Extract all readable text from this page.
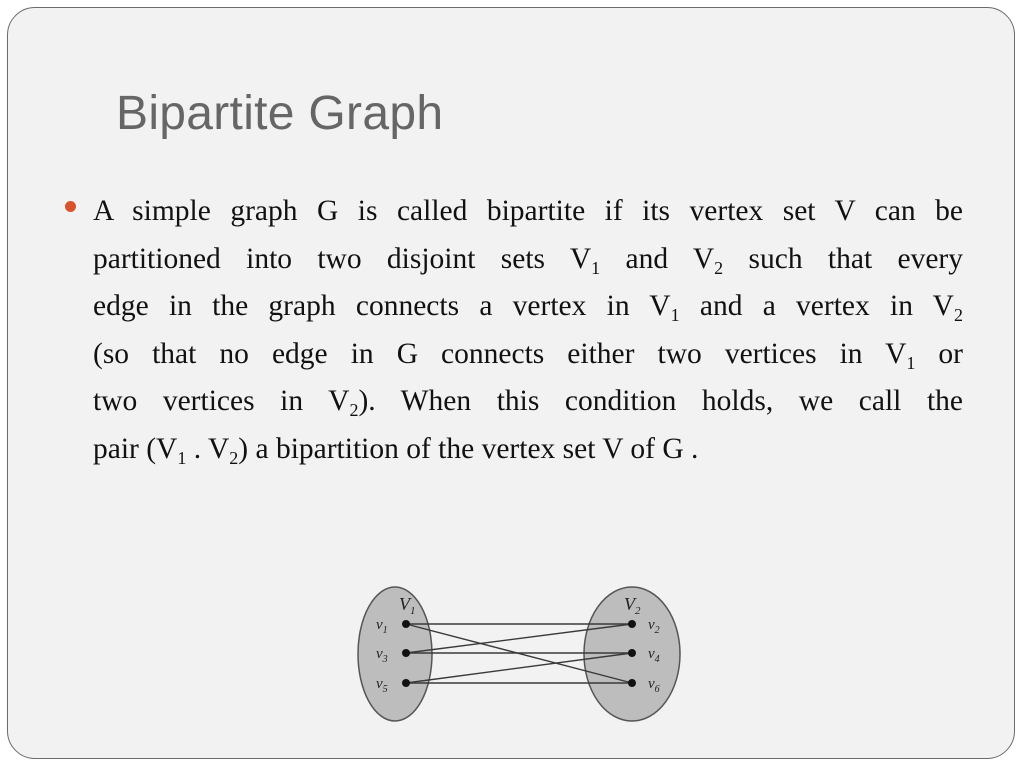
Bipartite Graph
A simple graph G is called bipartite if its vertex set V can be
partitioned into two disjoint sets $V_1$ and $V_2$ such that every
edge in the graph connects a vertex in $V_1$ and a vertex in $V_2$
(so that no edge in G connects either two vertices in $V_1$ or
two vertices in $V_2$). When this condition holds, we call the
pair ($V_1$ . $V_2$) a bipartition of the vertex set V of G .
$v_1$
$v_3$
$v_5$
$v_2$
$v_4$
$v_6$
$V_1$	$V_2$
